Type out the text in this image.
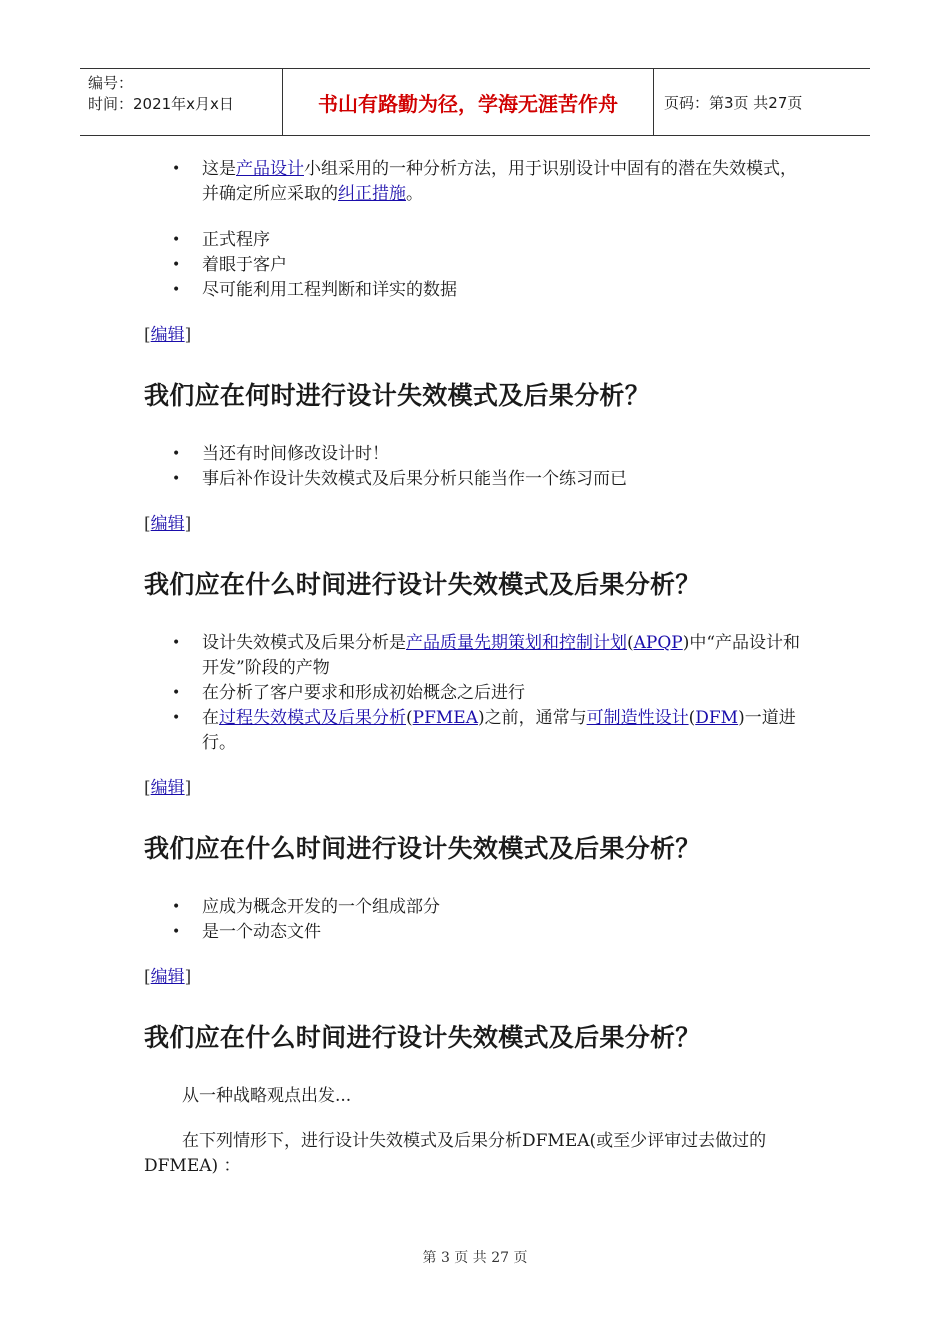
编号：
时间：2021年x月x日	书山有路勤为径，学海无涯苦作舟	页码：第3页 共27页
• 这是产品设计小组采用的一种分析方法，用于识别设计中固有的潜在失效模式，并确定所应采取的纠正措施。
• 正式程序
• 着眼于客户
• 尽可能利用工程判断和详实的数据
[编辑]
我们应在何时进行设计失效模式及后果分析？
• 当还有时间修改设计时！
• 事后补作设计失效模式及后果分析只能当作一个练习而已
[编辑]
我们应在什么时间进行设计失效模式及后果分析？
• 设计失效模式及后果分析是产品质量先期策划和控制计划(APQP)中“产品设计和开发”阶段的产物
• 在分析了客户要求和形成初始概念之后进行
• 在过程失效模式及后果分析(PFMEA)之前，通常与可制造性设计(DFM)一道进行。
[编辑]
我们应在什么时间进行设计失效模式及后果分析？
• 应成为概念开发的一个组成部分
• 是一个动态文件
[编辑]
我们应在什么时间进行设计失效模式及后果分析？

从一种战略观点出发...

在下列情形下，进行设计失效模式及后果分析DFMEA(或至少评审过去做过的DFMEA) ：

第 3 页 共 27 页
